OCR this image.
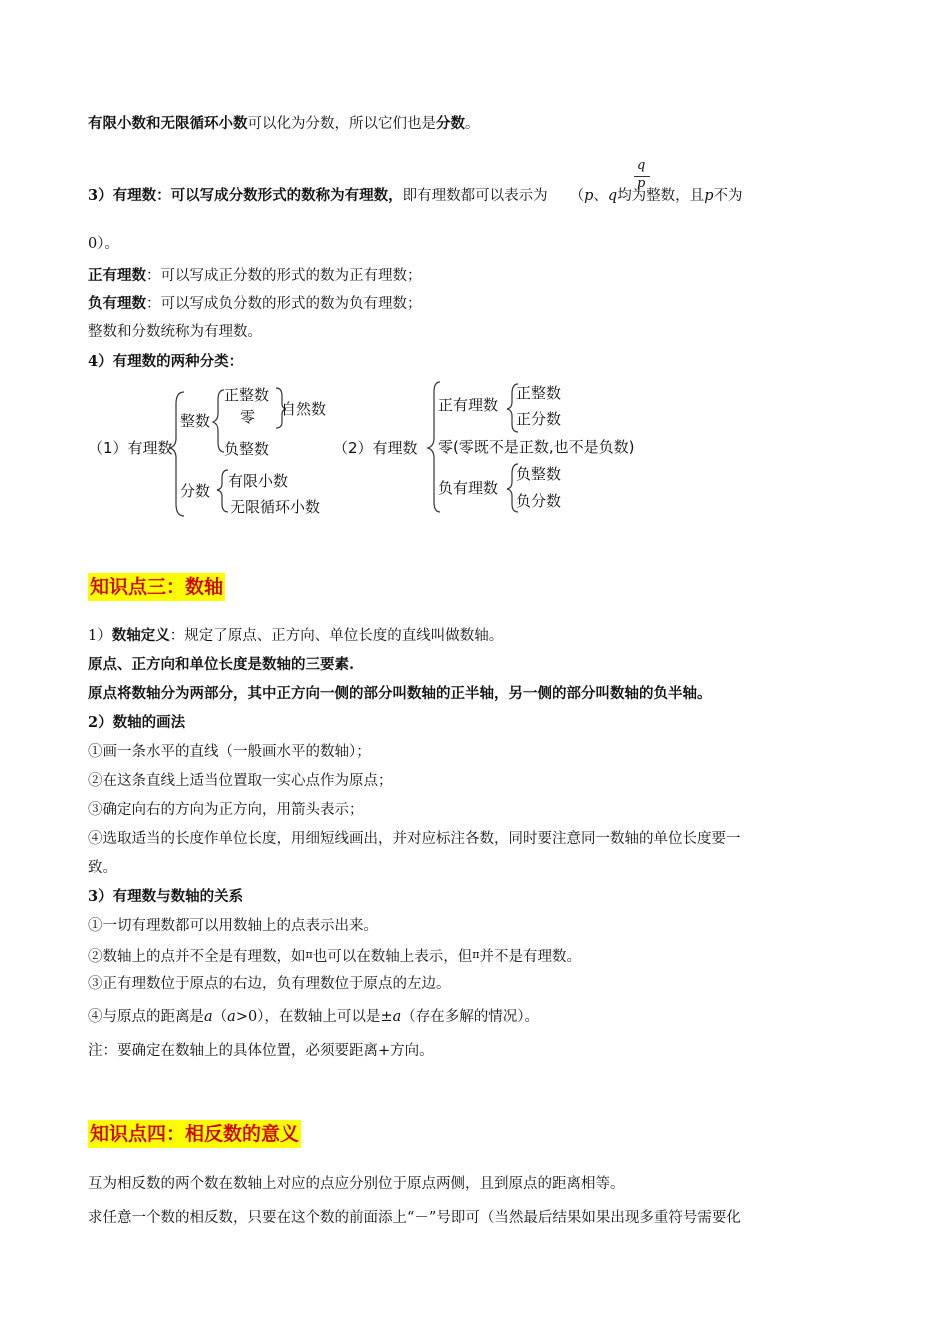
有限小数和无限循环小数可以化为分数，所以它们也是分数。
q
p
3）有理数：可以写成分数形式的数称为有理数，即有理数都可以表示为 （p、q均为整数，且p不为
0）。
正有理数：可以写成正分数的形式的数为正有理数；
负有理数：可以写成负分数的形式的数为负有理数；
整数和分数统称为有理数。
4）有理数的两种分类：
（1）有理数
整数
正整数
零
负整数
自然数
分数
有限小数
无限循环小数
（2）有理数
正有理数
正整数
正分数
零(零既不是正数,也不是负数)
负有理数
负整数
负分数
知识点三：数轴
1）数轴定义：规定了原点、正方向、单位长度的直线叫做数轴。
原点、正方向和单位长度是数轴的三要素.
原点将数轴分为两部分，其中正方向一侧的部分叫数轴的正半轴，另一侧的部分叫数轴的负半轴。
2）数轴的画法
①画一条水平的直线（一般画水平的数轴）；
②在这条直线上适当位置取一实心点作为原点；
③确定向右的方向为正方向，用箭头表示；
④选取适当的长度作单位长度，用细短线画出，并对应标注各数，同时要注意同一数轴的单位长度要一
致。
3）有理数与数轴的关系
①一切有理数都可以用数轴上的点表示出来。
②数轴上的点并不全是有理数，如$^\pi$也可以在数轴上表示，但$^\pi$并不是有理数。
③正有理数位于原点的右边，负有理数位于原点的左边。
④与原点的距离是a（a>0），在数轴上可以是±a（存在多解的情况）。
注：要确定在数轴上的具体位置，必须要距离+方向。
知识点四：相反数的意义
互为相反数的两个数在数轴上对应的点应分别位于原点两侧，且到原点的距离相等。
求任意一个数的相反数，只要在这个数的前面添上“－”号即可（当然最后结果如果出现多重符号需要化
